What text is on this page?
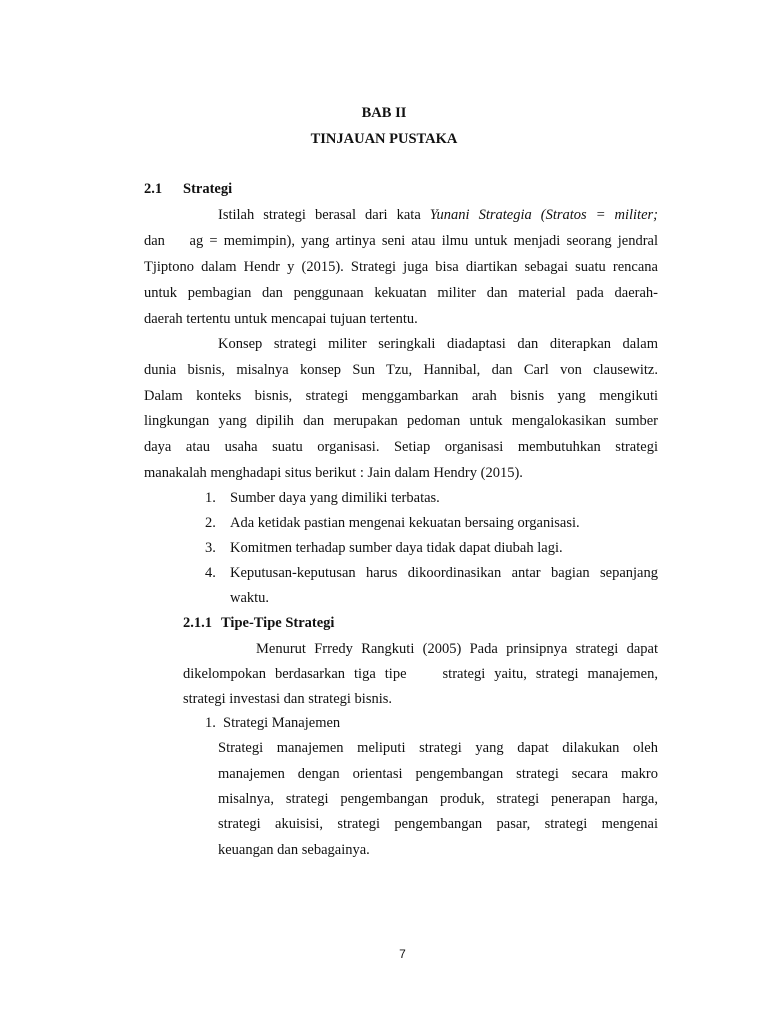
BAB II
TINJAUAN PUSTAKA
2.1 Strategi
Istilah strategi berasal dari kata Yunani Strategia (Stratos = militer;
dan    ag = memimpin), yang artinya seni atau ilmu untuk menjadi seorang jendral
Tjiptono dalam Hendr y (2015). Strategi juga bisa diartikan sebagai suatu rencana
untuk pembagian dan penggunaan kekuatan militer dan material pada daerah-
daerah tertentu untuk mencapai tujuan tertentu.
Konsep strategi militer seringkali diadaptasi dan diterapkan dalam
dunia bisnis, misalnya konsep Sun Tzu, Hannibal, dan Carl von clausewitz.
Dalam konteks bisnis, strategi menggambarkan arah bisnis yang mengikuti
lingkungan yang dipilih dan merupakan pedoman untuk mengalokasikan sumber
daya atau usaha suatu organisasi. Setiap organisasi membutuhkan strategi
manakalah menghadapi situs berikut : Jain dalam Hendry (2015).
1. Sumber daya yang dimiliki terbatas.
2. Ada ketidak pastian mengenai kekuatan bersaing organisasi.
3. Komitmen terhadap sumber daya tidak dapat diubah lagi.
4. Keputusan-keputusan harus dikoordinasikan antar bagian sepanjang
waktu.
2.1.1 Tipe-Tipe Strategi
Menurut Frredy Rangkuti (2005) Pada prinsipnya strategi dapat
dikelompokan berdasarkan tiga tipe    strategi yaitu, strategi manajemen,
strategi investasi dan strategi bisnis.
1. Strategi Manajemen
Strategi manajemen meliputi strategi yang dapat dilakukan oleh
manajemen dengan orientasi pengembangan strategi secara makro
misalnya, strategi pengembangan produk, strategi penerapan harga,
strategi akuisisi, strategi pengembangan pasar, strategi mengenai
keuangan dan sebagainya.
7
